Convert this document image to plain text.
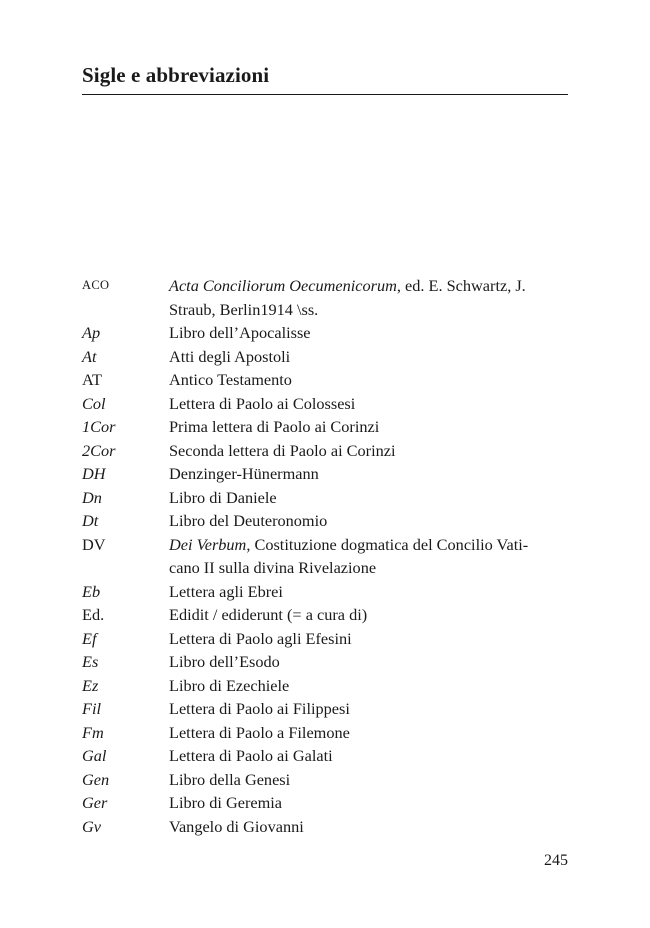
Sigle e abbreviazioni
ACO	Acta Conciliorum Oecumenicorum, ed. E. Schwartz, J.
Straub, Berlin1914 \ss.
Ap	Libro dell’Apocalisse
At	Atti degli Apostoli
AT	Antico Testamento
Col	Lettera di Paolo ai Colossesi
1Cor	Prima lettera di Paolo ai Corinzi
2Cor	Seconda lettera di Paolo ai Corinzi
DH	Denzinger-Hünermann
Dn	Libro di Daniele
Dt	Libro del Deuteronomio
DV	Dei Verbum, Costituzione dogmatica del Concilio Vati-
cano II sulla divina Rivelazione
Eb	Lettera agli Ebrei
Ed.	Edidit / ediderunt (= a cura di)
Ef	Lettera di Paolo agli Efesini
Es	Libro dell’Esodo
Ez	Libro di Ezechiele
Fil	Lettera di Paolo ai Filippesi
Fm	Lettera di Paolo a Filemone
Gal	Lettera di Paolo ai Galati
Gen	Libro della Genesi
Ger	Libro di Geremia
Gv	Vangelo di Giovanni
245
